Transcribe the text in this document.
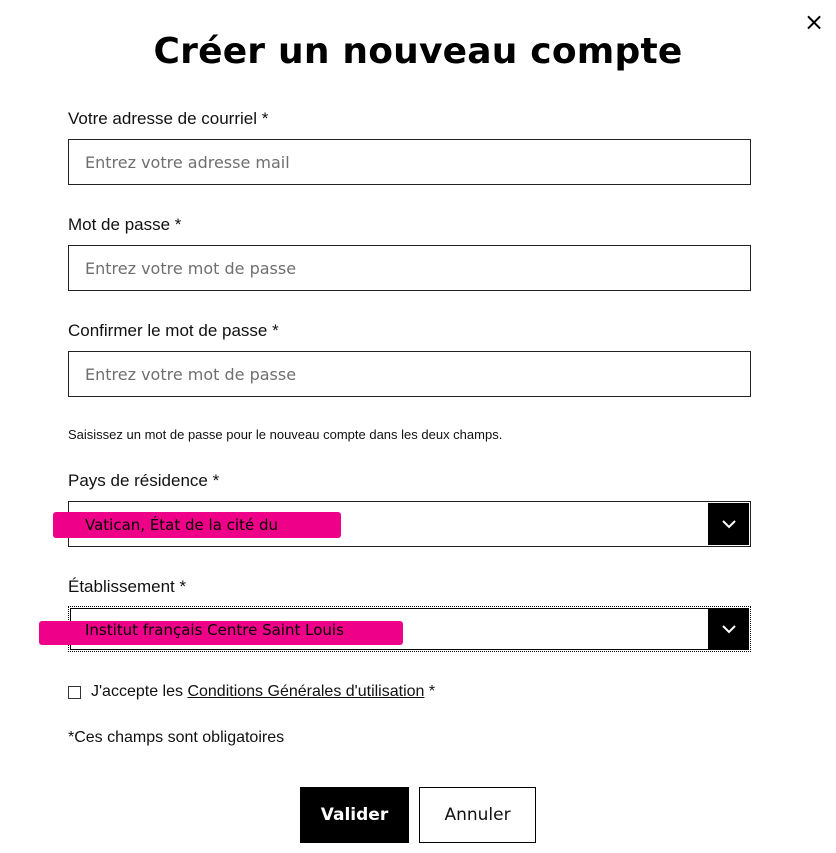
×
Créer un nouveau compte
Votre adresse de courriel *
Entrez votre adresse mail
Mot de passe *
Confirmer le mot de passe *
Saisissez un mot de passe pour le nouveau compte dans les deux champs.
Pays de résidence *
Vatican, État de la cité du
Établissement *
Institut français Centre Saint Louis
J'accepte les Conditions Générales d'utilisation *
*Ces champs sont obligatoires
Valider	Annuler
